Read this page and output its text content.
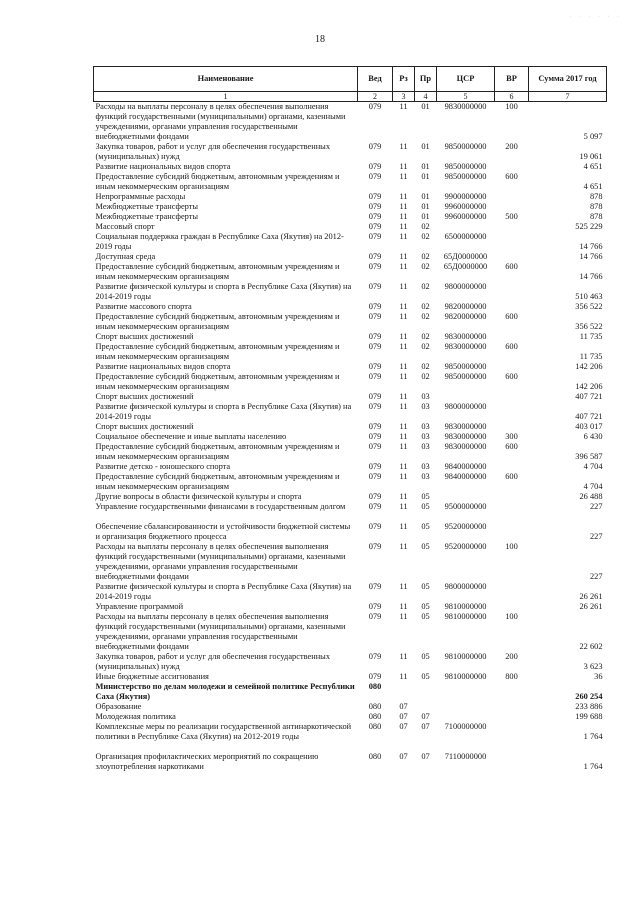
· · · · · ·
18
Наименование	Вед	Рз	Пр	ЦСР	ВР	Сумма 2017 год
1	2	3	4	5	6	7
Расходы на выплаты персоналу в целях обеспечения выполнения функций государственными (муниципальными) органами, казенными учреждениями, органами управления государственными внебюджетными фондами	079	11	01	9830000000	100	5 097
Закупка товаров, работ и услуг для обеспечения государственных (муниципальных) нужд	079	11	01	9850000000	200	19 061
Развитие национальных видов спорта	079	11	01	9850000000		4 651
Предоставление субсидий бюджетным, автономным учреждениям и иным некоммерческим организациям	079	11	01	9850000000	600	4 651
Непрограммные расходы	079	11	01	9900000000		878
Межбюджетные трансферты	079	11	01	9960000000		878
Межбюджетные трансферты	079	11	01	9960000000	500	878
Массовый спорт	079	11	02			525 229
Социальная поддержка граждан в Республике Саха (Якутия) на 2012-2019 годы	079	11	02	6500000000		14 766
Доступная среда	079	11	02	65Д0000000		14 766
Предоставление субсидий бюджетным, автономным учреждениям и иным некоммерческим организациям	079	11	02	65Д0000000	600	14 766
Развитие физической культуры и спорта в Республике Саха (Якутия) на 2014-2019 годы	079	11	02	9800000000		510 463
Развитие массового спорта	079	11	02	9820000000		356 522
Предоставление субсидий бюджетным, автономным учреждениям и иным некоммерческим организациям	079	11	02	9820000000	600	356 522
Спорт высших достижений	079	11	02	9830000000		11 735
Предоставление субсидий бюджетным, автономным учреждениям и иным некоммерческим организациям	079	11	02	9830000000	600	11 735
Развитие национальных видов спорта	079	11	02	9850000000		142 206
Предоставление субсидий бюджетным, автономным учреждениям и иным некоммерческим организациям	079	11	02	9850000000	600	142 206
Спорт высших достижений	079	11	03			407 721
Развитие физической культуры и спорта в Республике Саха (Якутия) на 2014-2019 годы	079	11	03	9800000000		407 721
Спорт высших достижений	079	11	03	9830000000		403 017
Социальное обеспечение и иные выплаты населению	079	11	03	9830000000	300	6 430
Предоставление субсидий бюджетным, автономным учреждениям и иным некоммерческим организациям	079	11	03	9830000000	600	396 587
Развитие детско - юношеского спорта	079	11	03	9840000000		4 704
Предоставление субсидий бюджетным, автономным учреждениям и иным некоммерческим организациям	079	11	03	9840000000	600	4 704
Другие вопросы в области физической культуры и спорта	079	11	05			26 488
Управление государственными финансами в государственным долгом	079	11	05	9500000000		227
Обеспечение сбалансированности и устойчивости бюджетной системы и организация бюджетного процесса	079	11	05	9520000000		227
Расходы на выплаты персоналу в целях обеспечения выполнения функций государственными (муниципальными) органами, казенными учреждениями, органами управления государственными внебюджетными фондами	079	11	05	9520000000	100	227
Развитие физической культуры и спорта в Республике Саха (Якутия) на 2014-2019 годы	079	11	05	9800000000		26 261
Управление программой	079	11	05	9810000000		26 261
Расходы на выплаты персоналу в целях обеспечения выполнения функций государственными (муниципальными) органами, казенными учреждениями, органами управления государственными внебюджетными фондами	079	11	05	9810000000	100	22 602
Закупка товаров, работ и услуг для обеспечения государственных (муниципальных) нужд	079	11	05	9810000000	200	3 623
Иные бюджетные ассигнования	079	11	05	9810000000	800	36
Министерство по делам молодежи и семейной политике Республики Саха (Якутия)	080					260 254
Образование	080	07				233 886
Молодежная политика	080	07	07			199 688
Комплексные меры по реализации государственной антинаркотической политики в Республике Саха (Якутия) на 2012-2019 годы	080	07	07	7100000000		1 764
Организация профилактических мероприятий по сокращению злоупотребления наркотиками	080	07	07	7110000000		1 764
